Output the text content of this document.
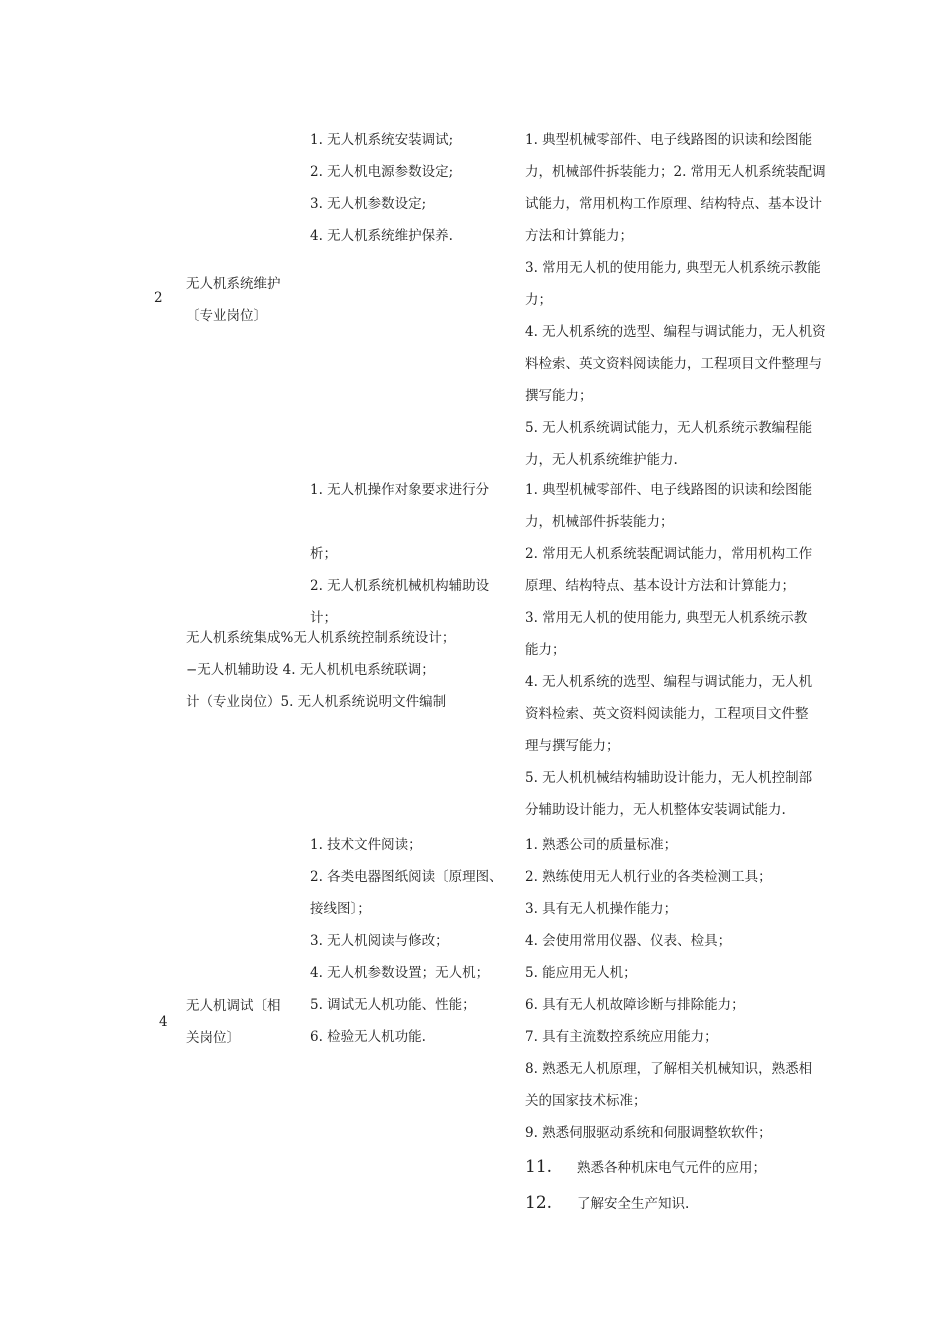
2
无人机系统维护
〔专业岗位〕
1. 无人机系统安装调试;
2. 无人机电源参数设定;
3. 无人机参数设定;
4. 无人机系统维护保养.
1. 典型机械零部件、电子线路图的识读和绘图能
力，机械部件拆装能力；2. 常用无人机系统装配调
试能力，常用机构工作原理、结构特点、基本设计
方法和计算能力；
3. 常用无人机的使用能力, 典型无人机系统示教能
力；
4. 无人机系统的选型、编程与调试能力，无人机资
料检索、英文资料阅读能力，工程项目文件整理与
撰写能力；
5. 无人机系统调试能力，无人机系统示教编程能
力，无人机系统维护能力.
1. 无人机操作对象要求进行分
析；
2. 无人机系统机械机构辅助设
计；
无人机系统集成%无人机系统控制系统设计；
−无人机辅助设 4. 无人机机电系统联调；
计（专业岗位）5. 无人机系统说明文件编制
1. 典型机械零部件、电子线路图的识读和绘图能
力，机械部件拆装能力；
2. 常用无人机系统装配调试能力，常用机构工作
原理、结构特点、基本设计方法和计算能力；
3. 常用无人机的使用能力, 典型无人机系统示教
能力；
4. 无人机系统的选型、编程与调试能力，无人机
资料检索、英文资料阅读能力，工程项目文件整
理与撰写能力；
5. 无人机机械结构辅助设计能力，无人机控制部
分辅助设计能力，无人机整体安装调试能力.
4
无人机调试〔相
关岗位〕
1. 技术文件阅读；
2. 各类电器图纸阅读〔原理图、
接线图〕；
3. 无人机阅读与修改；
4. 无人机参数设置；无人机；
5. 调试无人机功能、性能；
6. 检验无人机功能.
1. 熟悉公司的质量标准；
2. 熟练使用无人机行业的各类检测工具；
3. 具有无人机操作能力；
4. 会使用常用仪器、仪表、检具；
5. 能应用无人机；
6. 具有无人机故障诊断与排除能力；
7. 具有主流数控系统应用能力；
8. 熟悉无人机原理，了解相关机械知识，熟悉相
关的国家技术标准；
9. 熟悉伺服驱动系统和伺服调整软软件；
11. 熟悉各种机床电气元件的应用；
12. 了解安全生产知识.
